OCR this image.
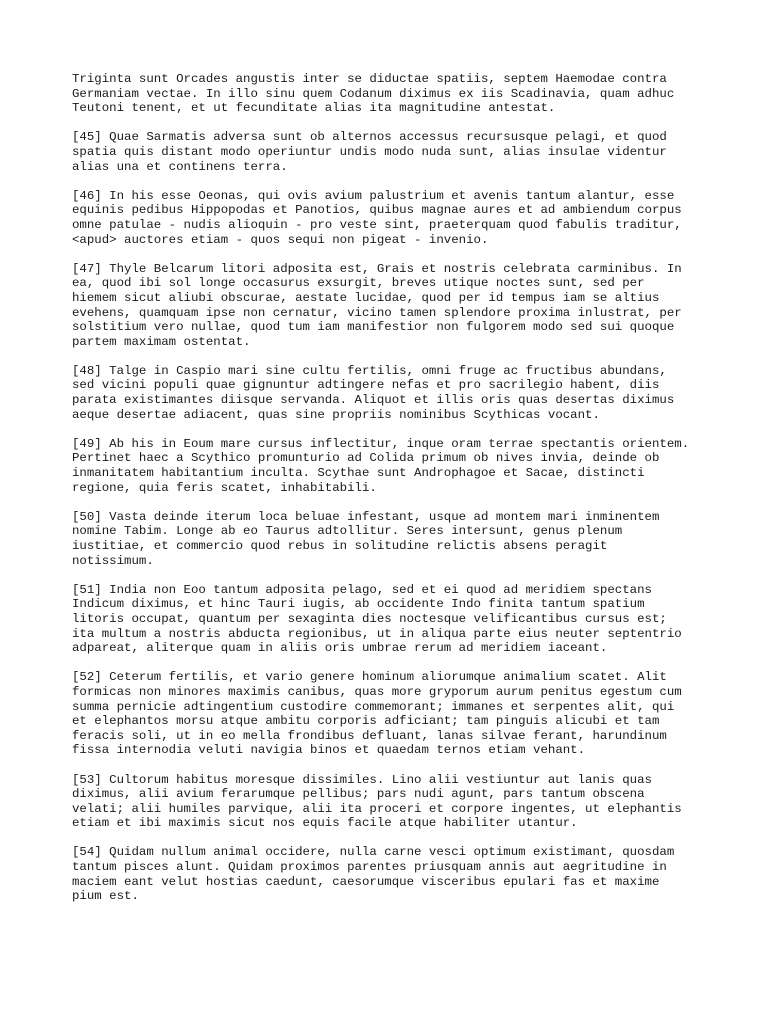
Triginta sunt Orcades angustis inter se diductae spatiis, septem Haemodae contra
Germaniam vectae. In illo sinu quem Codanum diximus ex iis Scadinavia, quam adhuc
Teutoni tenent, et ut fecunditate alias ita magnitudine antestat.
[45] Quae Sarmatis adversa sunt ob alternos accessus recursusque pelagi, et quod
spatia quis distant modo operiuntur undis modo nuda sunt, alias insulae videntur
alias una et continens terra.
[46] In his esse Oeonas, qui ovis avium palustrium et avenis tantum alantur, esse
equinis pedibus Hippopodas et Panotios, quibus magnae aures et ad ambiendum corpus
omne patulae - nudis alioquin - pro veste sint, praeterquam quod fabulis traditur,
<apud> auctores etiam - quos sequi non pigeat - invenio.
[47] Thyle Belcarum litori adposita est, Grais et nostris celebrata carminibus. In
ea, quod ibi sol longe occasurus exsurgit, breves utique noctes sunt, sed per
hiemem sicut aliubi obscurae, aestate lucidae, quod per id tempus iam se altius
evehens, quamquam ipse non cernatur, vicino tamen splendore proxima inlustrat, per
solstitium vero nullae, quod tum iam manifestior non fulgorem modo sed sui quoque
partem maximam ostentat.
[48] Talge in Caspio mari sine cultu fertilis, omni fruge ac fructibus abundans,
sed vicini populi quae gignuntur adtingere nefas et pro sacrilegio habent, diis
parata existimantes diisque servanda. Aliquot et illis oris quas desertas diximus
aeque desertae adiacent, quas sine propriis nominibus Scythicas vocant.
[49] Ab his in Eoum mare cursus inflectitur, inque oram terrae spectantis orientem.
Pertinet haec a Scythico promunturio ad Colida primum ob nives invia, deinde ob
inmanitatem habitantium inculta. Scythae sunt Androphagoe et Sacae, distincti
regione, quia feris scatet, inhabitabili.
[50] Vasta deinde iterum loca beluae infestant, usque ad montem mari inminentem
nomine Tabim. Longe ab eo Taurus adtollitur. Seres intersunt, genus plenum
iustitiae, et commercio quod rebus in solitudine relictis absens peragit
notissimum.
[51] India non Eoo tantum adposita pelago, sed et ei quod ad meridiem spectans
Indicum diximus, et hinc Tauri iugis, ab occidente Indo finita tantum spatium
litoris occupat, quantum per sexaginta dies noctesque velificantibus cursus est;
ita multum a nostris abducta regionibus, ut in aliqua parte eius neuter septentrio
adpareat, aliterque quam in aliis oris umbrae rerum ad meridiem iaceant.
[52] Ceterum fertilis, et vario genere hominum aliorumque animalium scatet. Alit
formicas non minores maximis canibus, quas more gryporum aurum penitus egestum cum
summa pernicie adtingentium custodire commemorant; immanes et serpentes alit, qui
et elephantos morsu atque ambitu corporis adficiant; tam pinguis alicubi et tam
feracis soli, ut in eo mella frondibus defluant, lanas silvae ferant, harundinum
fissa internodia veluti navigia binos et quaedam ternos etiam vehant.
[53] Cultorum habitus moresque dissimiles. Lino alii vestiuntur aut lanis quas
diximus, alii avium ferarumque pellibus; pars nudi agunt, pars tantum obscena
velati; alii humiles parvique, alii ita proceri et corpore ingentes, ut elephantis
etiam et ibi maximis sicut nos equis facile atque habiliter utantur.
[54] Quidam nullum animal occidere, nulla carne vesci optimum existimant, quosdam
tantum pisces alunt. Quidam proximos parentes priusquam annis aut aegritudine in
maciem eant velut hostias caedunt, caesorumque visceribus epulari fas et maxime
pium est.
